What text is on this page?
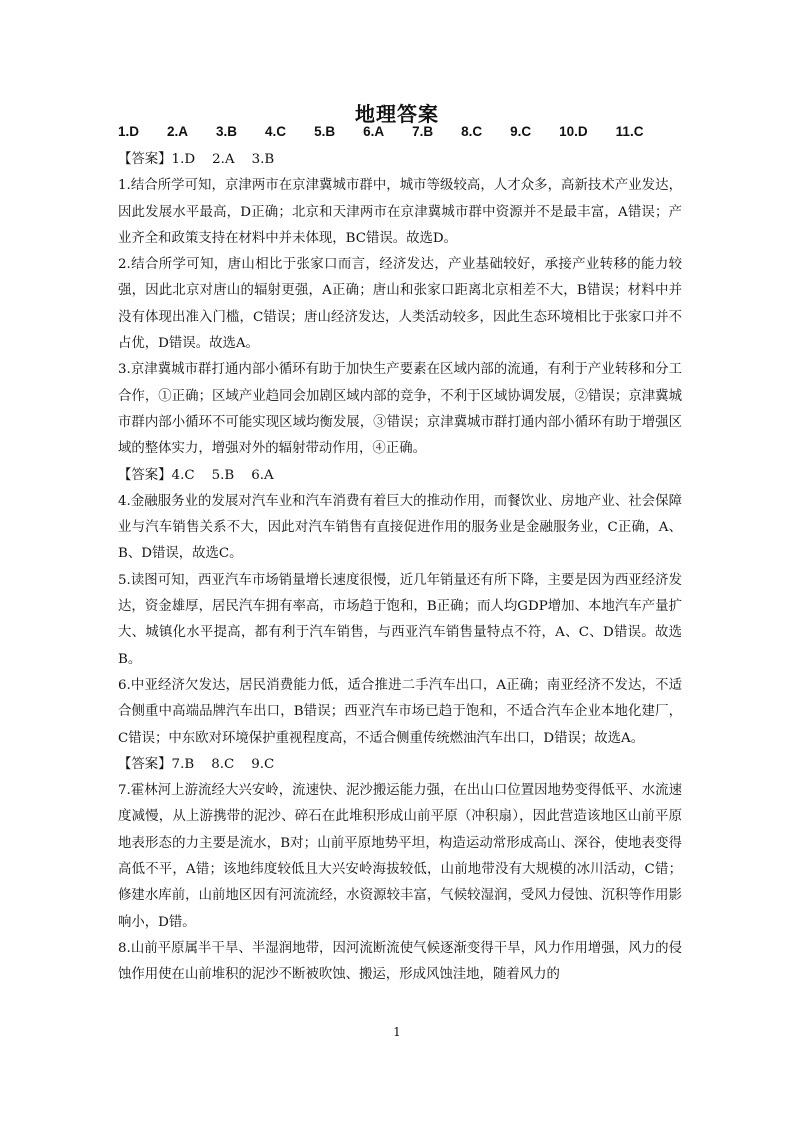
地理答案
1.D 2.A 3.B 4.C 5.B 6.A 7.B 8.C 9.C 10.D 11.C

【答案】1.D    2.A    3.B

1.结合所学可知，京津两市在京津冀城市群中，城市等级较高，人才众多，高新技术产业发达，因此发展水平最高，D正确；北京和天津两市在京津冀城市群中资源并不是最丰富，A错误；产业齐全和政策支持在材料中并未体现，BC错误。故选D。

2.结合所学可知，唐山相比于张家口而言，经济发达，产业基础较好，承接产业转移的能力较强，因此北京对唐山的辐射更强，A正确；唐山和张家口距离北京相差不大，B错误；材料中并没有体现出准入门槛，C错误；唐山经济发达，人类活动较多，因此生态环境相比于张家口并不占优，D错误。故选A。

3.京津冀城市群打通内部小循环有助于加快生产要素在区域内部的流通，有利于产业转移和分工合作，①正确；区域产业趋同会加剧区域内部的竞争，不利于区域协调发展，②错误；京津冀城市群内部小循环不可能实现区域均衡发展，③错误；京津冀城市群打通内部小循环有助于增强区域的整体实力，增强对外的辐射带动作用，④正确。

【答案】4.C    5.B    6.A

4.金融服务业的发展对汽车业和汽车消费有着巨大的推动作用，而餐饮业、房地产业、社会保障业与汽车销售关系不大，因此对汽车销售有直接促进作用的服务业是金融服务业，C正确，A、B、D错误，故选C。

5.读图可知，西亚汽车市场销量增长速度很慢，近几年销量还有所下降，主要是因为西亚经济发达，资金雄厚，居民汽车拥有率高，市场趋于饱和，B正确；而人均GDP增加、本地汽车产量扩大、城镇化水平提高，都有利于汽车销售，与西亚汽车销售量特点不符，A、C、D错误。故选B。

6.中亚经济欠发达，居民消费能力低，适合推进二手汽车出口，A正确；南亚经济不发达，不适合侧重中高端品牌汽车出口，B错误；西亚汽车市场已趋于饱和，不适合汽车企业本地化建厂，C错误；中东欧对环境保护重视程度高，不适合侧重传统燃油汽车出口，D错误；故选A。

【答案】7.B    8.C    9.C

7.霍林河上游流经大兴安岭，流速快、泥沙搬运能力强，在出山口位置因地势变得低平、水流速度减慢，从上游携带的泥沙、碎石在此堆积形成山前平原（冲积扇），因此营造该地区山前平原地表形态的力主要是流水，B对；山前平原地势平坦，构造运动常形成高山、深谷，使地表变得高低不平，A错；该地纬度较低且大兴安岭海拔较低，山前地带没有大规模的冰川活动，C错；修建水库前，山前地区因有河流流经，水资源较丰富，气候较湿润，受风力侵蚀、沉积等作用影响小，D错。

8.山前平原属半干旱、半湿润地带，因河流断流使气候逐渐变得干旱，风力作用增强，风力的侵蚀作用使在山前堆积的泥沙不断被吹蚀、搬运，形成风蚀洼地，随着风力的

1
